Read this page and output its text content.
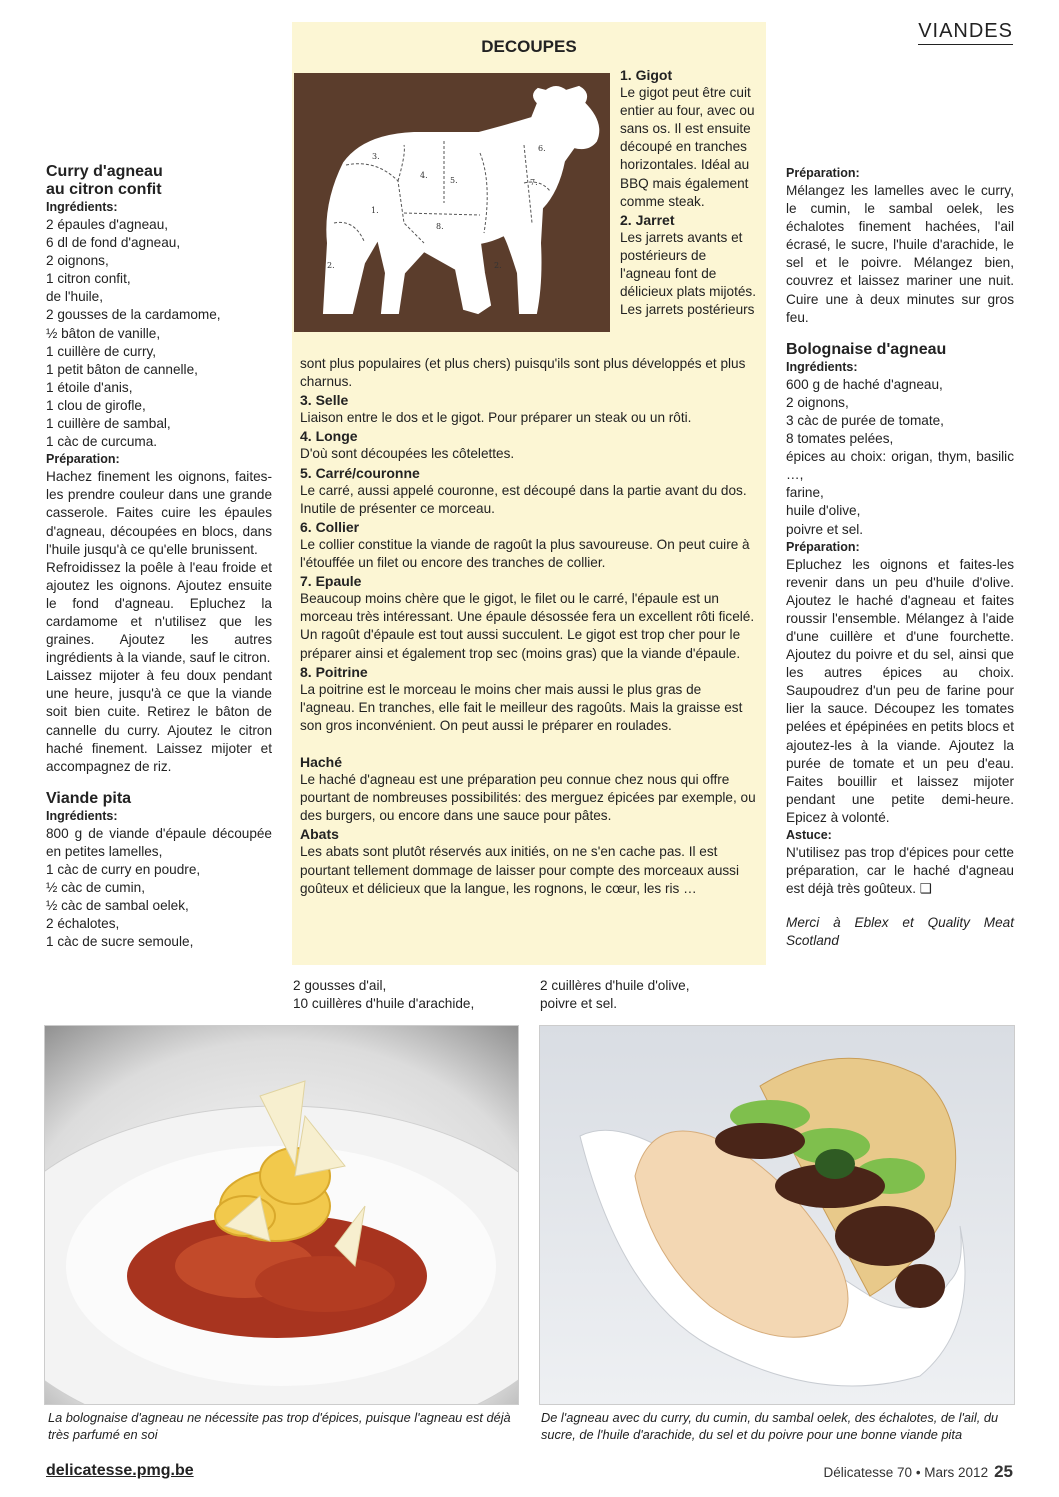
VIANDES

Curry d'agneau

au citron confit

Ingrédients:

2 épaules d'agneau,

6 dl de fond d'agneau,

2 oignons,

1 citron confit,

de l'huile,

2 gousses de la cardamome,

½ bâton de vanille,

1 cuillère de curry,

1 petit bâton de cannelle,

1 étoile d'anis,

1 clou de girofle,

1 cuillère de sambal,

1 càc de curcuma.

Préparation:

Hachez finement les oignons, faites-les prendre couleur dans une grande casserole. Faites cuire les épaules d'agneau, découpées en blocs, dans l'huile jusqu'à ce qu'elle brunissent.

Refroidissez la poêle à l'eau froide et ajoutez les oignons. Ajoutez ensuite le fond d'agneau. Epluchez la cardamome et n'utilisez que les graines. Ajoutez les autres ingrédients à la viande, sauf le citron.

Laissez mijoter à feu doux pendant une heure, jusqu'à ce que la viande soit bien cuite. Retirez le bâton de cannelle du curry. Ajoutez le citron haché finement. Laissez mijoter et accompagnez de riz.

Viande pita

Ingrédients:

800 g de viande d'épaule découpée en petites lamelles,

1 càc de curry en poudre,

½ càc de cumin,

½ càc de sambal oelek,

2 échalotes,

1 càc de sucre semoule,

2 gousses d'ail,

10 cuillères d'huile d'arachide,

2 cuillères d'huile d'olive,

poivre et sel.

DECOUPES
1.
2.	2.
3.
4.
5.
6.
7.
8.

1. Gigot

Le gigot peut être cuit entier au four, avec ou sans os. Il est ensuite découpé en tranches horizontales. Idéal au BBQ mais également comme steak.

2. Jarret

Les jarrets avants et postérieurs de l'agneau font de délicieux plats mijotés. Les jarrets postérieurs

sont plus populaires (et plus chers) puisqu'ils sont plus développés et plus charnus.

3. Selle

Liaison entre le dos et le gigot. Pour préparer un steak ou un rôti.

4. Longe

D'où sont découpées les côtelettes.

5. Carré/couronne

Le carré, aussi appelé couronne, est découpé dans la partie avant du dos. Inutile de présenter ce morceau.

6. Collier

Le collier constitue la viande de ragoût la plus savoureuse. On peut cuire à l'étouffée un filet ou encore des tranches de collier.

7. Epaule

Beaucoup moins chère que le gigot, le filet ou le carré, l'épaule est un morceau très intéressant. Une épaule désossée fera un excellent rôti ficelé. Un ragoût d'épaule est tout aussi succulent. Le gigot est trop cher pour le préparer ainsi et également trop sec (moins gras) que la viande d'épaule.

8. Poitrine

La poitrine est le morceau le moins cher mais aussi le plus gras de l'agneau. En tranches, elle fait le meilleur des ragoûts. Mais la graisse est son gros inconvénient. On peut aussi le préparer en roulades.

Haché

Le haché d'agneau est une préparation peu connue chez nous qui offre pourtant de nombreuses possibilités: des merguez épicées par exemple, ou des burgers, ou encore dans une sauce pour pâtes.

Abats

Les abats sont plutôt réservés aux initiés, on ne s'en cache pas. Il est pourtant tellement dommage de laisser pour compte des morceaux aussi goûteux et délicieux que la langue, les rognons, le cœur, les ris …

Préparation:

Mélangez les lamelles avec le curry, le cumin, le sambal oelek, les échalotes finement hachées, l'ail écrasé, le sucre, l'huile d'arachide, le sel et le poivre. Mélangez bien, couvrez et laissez mariner une nuit. Cuire une à deux minutes sur gros feu.

Bolognaise d'agneau

Ingrédients:

600 g de haché d'agneau,

2 oignons,

3 càc de purée de tomate,

8 tomates pelées,

épices au choix: origan, thym, basilic …,

farine,

huile d'olive,

poivre et sel.

Préparation:

Epluchez les oignons et faites-les revenir dans un peu d'huile d'olive. Ajoutez le haché d'agneau et faites roussir l'ensemble. Mélangez à l'aide d'une cuillère et d'une fourchette. Ajoutez du poivre et du sel, ainsi que les autres épices au choix. Saupoudrez d'un peu de farine pour lier la sauce. Découpez les tomates pelées et épépinées en petits blocs et ajoutez-les à la viande. Ajoutez la purée de tomate et un peu d'eau. Faites bouillir et laissez mijoter pendant une petite demi-heure. Epicez à volonté.

Astuce:

N'utilisez pas trop d'épices pour cette préparation, car le haché d'agneau est déjà très goûteux. ❑

Merci à Eblex et Quality Meat Scotland

La bolognaise d'agneau ne nécessite pas trop d'épices, puisque l'agneau est déjà très parfumé en soi
De l'agneau avec du curry, du cumin, du sambal oelek, des échalotes, de l'ail, du sucre, de l'huile d'arachide, du sel et du poivre pour une bonne viande pita
delicatesse.pmg.be	Délicatesse 70 • Mars 2012 25
